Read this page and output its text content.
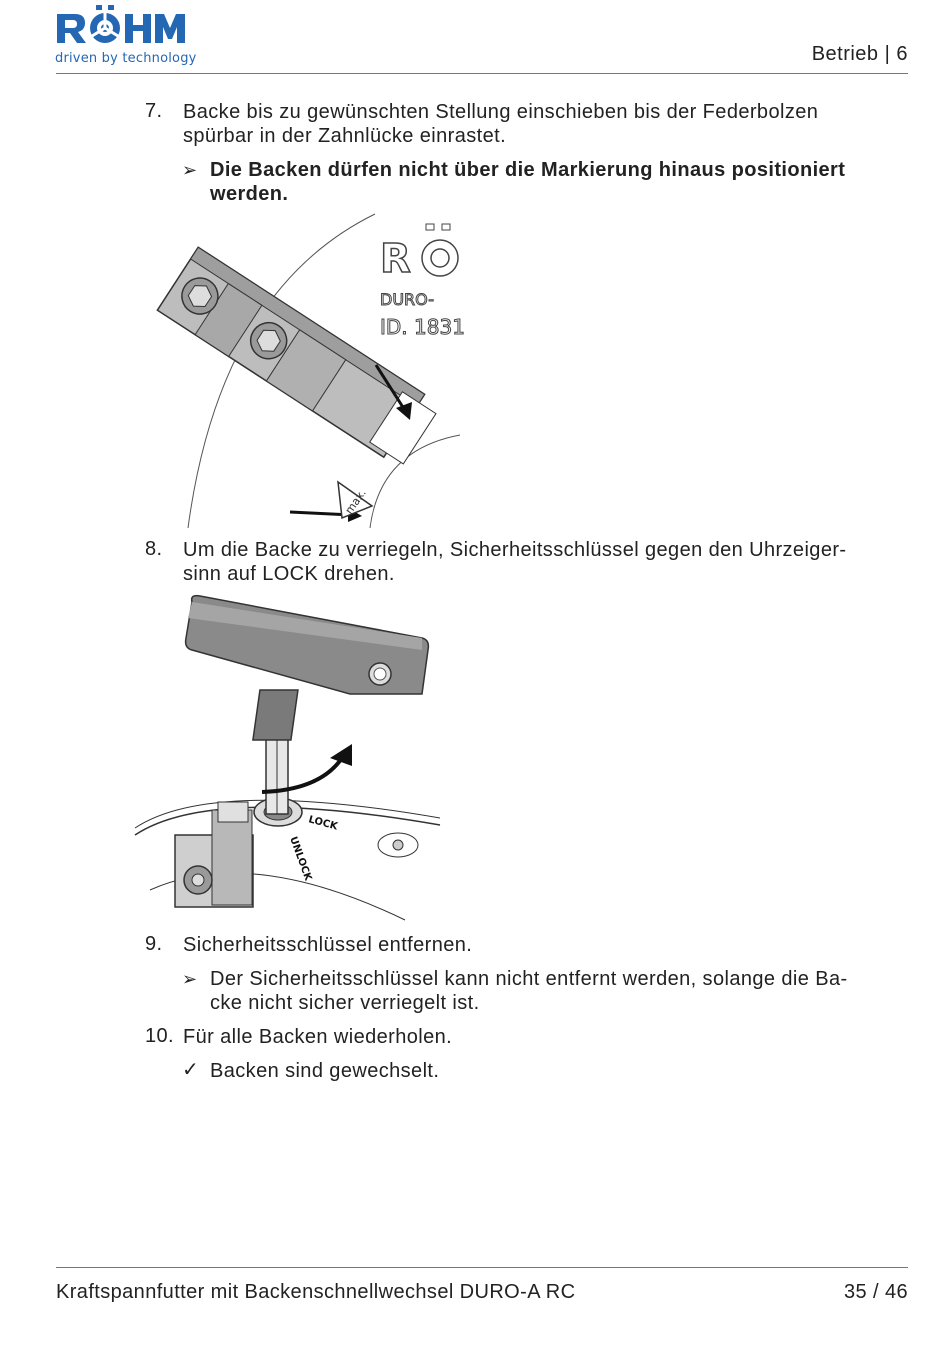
driven by technology	Betrieb | 6
7. Backe bis zu gewünschten Stellung einschieben bis der Federbolzen
spürbar in der Zahnlücke einrastet.
➢ Die Backen dürfen nicht über die Markierung hinaus positioniert
werden.
R
DURO-
ID. 1831
max.
8. Um die Backe zu verriegeln, Sicherheitsschlüssel gegen den Uhrzeiger-
sinn auf LOCK drehen.
LOCK
UNLOCK
9. Sicherheitsschlüssel entfernen.
➢ Der Sicherheitsschlüssel kann nicht entfernt werden, solange die Ba-
cke nicht sicher verriegelt ist.
10. Für alle Backen wiederholen.
✓ Backen sind gewechselt.
Kraftspannfutter mit Backenschnellwechsel DURO-A RC	35 / 46
